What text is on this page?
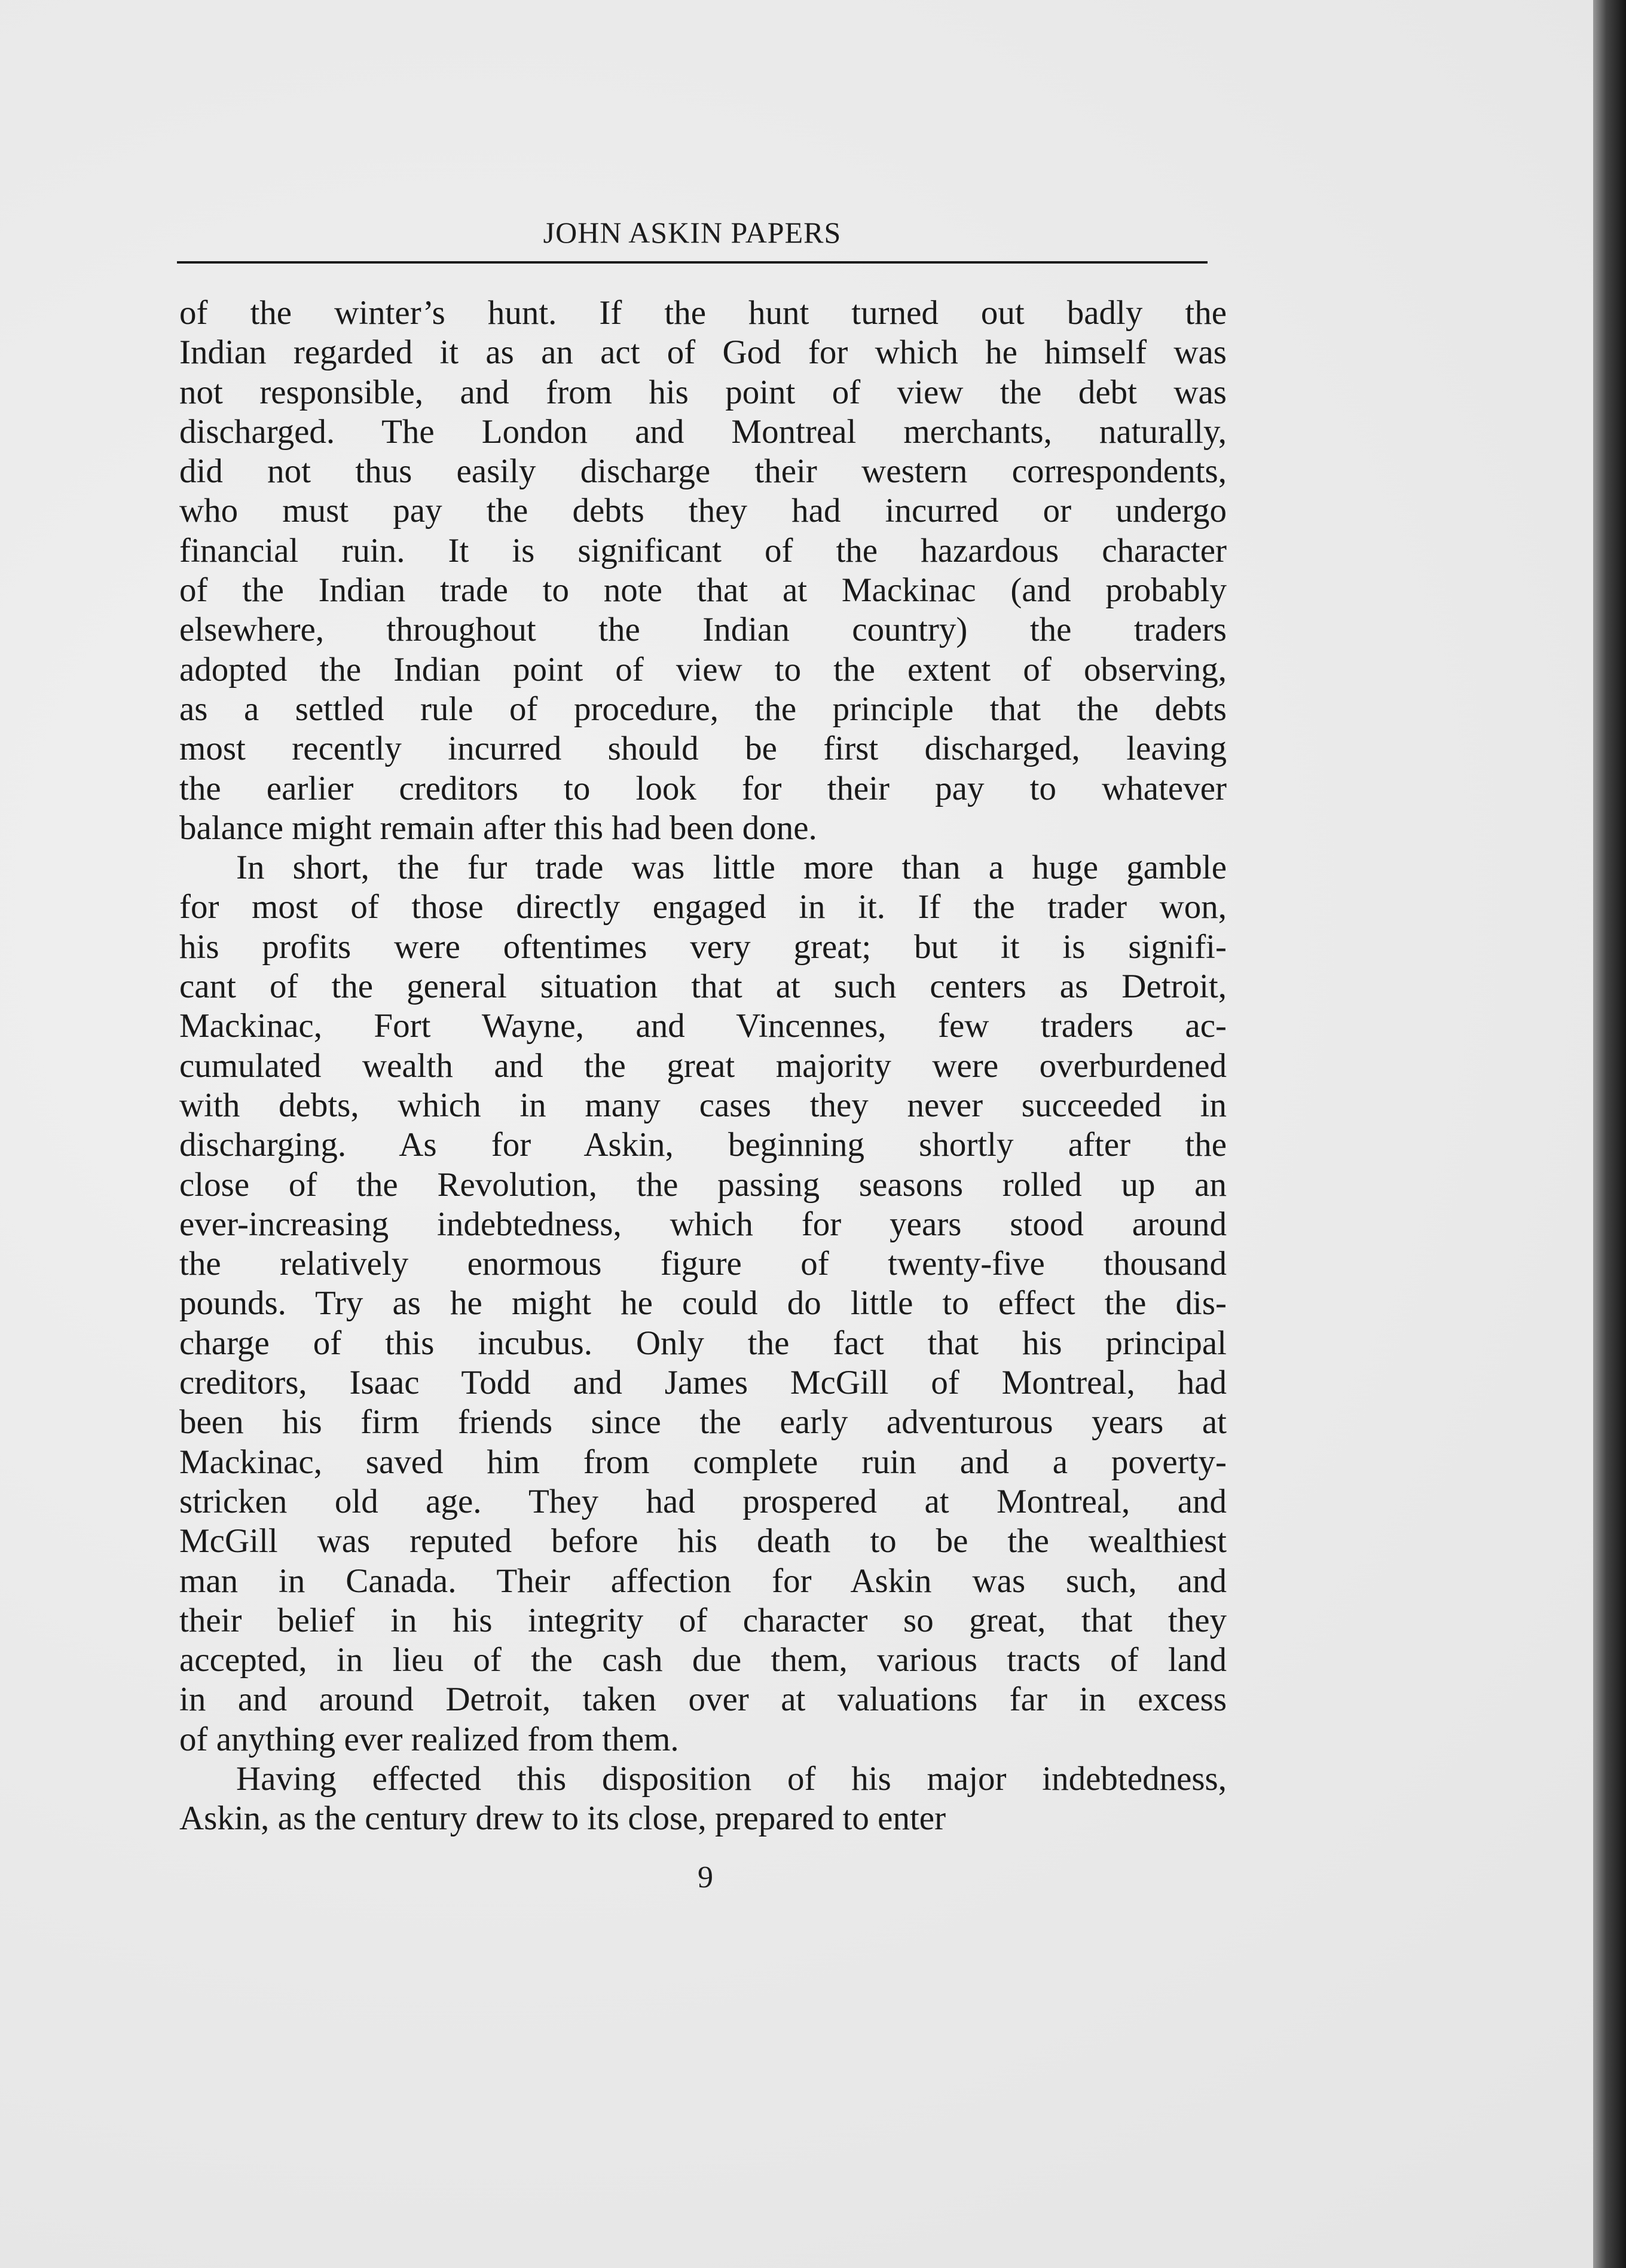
JOHN ASKIN PAPERS
of the winter’s hunt. If the hunt turned out badly the
Indian regarded it as an act of God for which he himself was
not responsible, and from his point of view the debt was
discharged. The London and Montreal merchants, naturally,
did not thus easily discharge their western correspondents,
who must pay the debts they had incurred or undergo
financial ruin. It is significant of the hazardous character
of the Indian trade to note that at Mackinac (and probably
elsewhere, throughout the Indian country) the traders
adopted the Indian point of view to the extent of observing,
as a settled rule of procedure, the principle that the debts
most recently incurred should be first discharged, leaving
the earlier creditors to look for their pay to whatever
balance might remain after this had been done.
In short, the fur trade was little more than a huge gamble
for most of those directly engaged in it. If the trader won,
his profits were oftentimes very great; but it is signifi-
cant of the general situation that at such centers as Detroit,
Mackinac, Fort Wayne, and Vincennes, few traders ac-
cumulated wealth and the great majority were overburdened
with debts, which in many cases they never succeeded in
discharging. As for Askin, beginning shortly after the
close of the Revolution, the passing seasons rolled up an
ever-increasing indebtedness, which for years stood around
the relatively enormous figure of twenty-five thousand
pounds. Try as he might he could do little to effect the dis-
charge of this incubus. Only the fact that his principal
creditors, Isaac Todd and James McGill of Montreal, had
been his firm friends since the early adventurous years at
Mackinac, saved him from complete ruin and a poverty-
stricken old age. They had prospered at Montreal, and
McGill was reputed before his death to be the wealthiest
man in Canada. Their affection for Askin was such, and
their belief in his integrity of character so great, that they
accepted, in lieu of the cash due them, various tracts of land
in and around Detroit, taken over at valuations far in excess
of anything ever realized from them.
Having effected this disposition of his major indebtedness,
Askin, as the century drew to its close, prepared to enter
9
